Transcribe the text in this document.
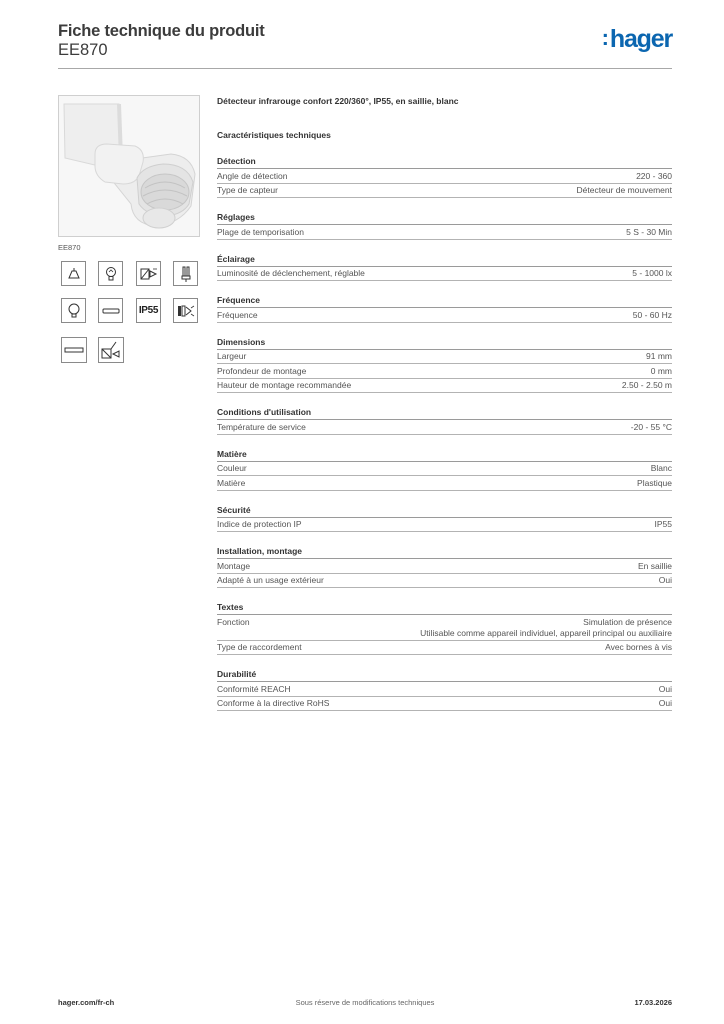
Fiche technique du produit
EE870	:hager
EE870
IP55
Détecteur infrarouge confort 220/360°, IP55, en saillie, blanc
Caractéristiques techniques
Détection
Angle de détection	220 - 360
Type de capteur	Détecteur de mouvement
Réglages
Plage de temporisation	5 S - 30 Min
Éclairage
Luminosité de déclenchement, réglable	5 - 1000 lx
Fréquence
Fréquence	50 - 60 Hz
Dimensions
Largeur	91 mm
Profondeur de montage	0 mm
Hauteur de montage recommandée	2.50 - 2.50 m
Conditions d'utilisation
Température de service	-20 - 55 °C
Matière
Couleur	Blanc
Matière	Plastique
Sécurité
Indice de protection IP	IP55
Installation, montage
Montage	En saillie
Adapté à un usage extérieur	Oui
Textes
Fonction	Simulation de présence
Utilisable comme appareil individuel, appareil principal ou auxiliaire
Type de raccordement	Avec bornes à vis
Durabilité
Conformité REACH	Oui
Conforme à la directive RoHS	Oui
hager.com/fr-ch	Sous réserve de modifications techniques	17.03.2026
